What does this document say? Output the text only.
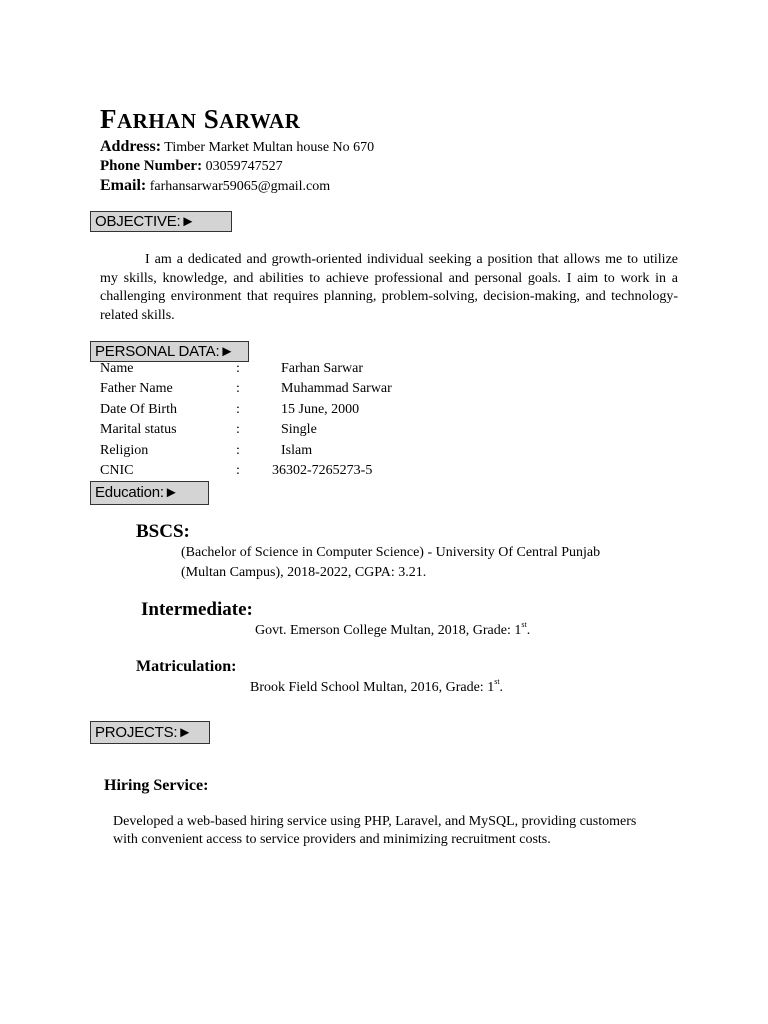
FARHAN SARWAR
Address: Timber Market Multan house No 670
Phone Number: 03059747527
Email: farhansarwar59065@gmail.com
OBJECTIVE:►
I am a dedicated and growth-oriented individual seeking a position that allows me to utilize my skills, knowledge, and abilities to achieve professional and personal goals. I aim to work in a challenging environment that requires planning, problem-solving, decision-making, and technology-related skills.
PERSONAL DATA:►
Name	:	Farhan Sarwar
Father Name	:	Muhammad Sarwar
Date Of Birth	:	15 June, 2000
Marital status	:	Single
Religion	:	Islam
CNIC	: 36302-7265273-5
Education:►
BSCS:
(Bachelor of Science in Computer Science) - University Of Central Punjab
(Multan Campus), 2018-2022, CGPA: 3.21.
Intermediate:
Govt. Emerson College Multan, 2018, Grade: 1st.
Matriculation:
Brook Field School Multan, 2016, Grade: 1st.
PROJECTS:►
Hiring Service:
Developed a web-based hiring service using PHP, Laravel, and MySQL, providing customers
with convenient access to service providers and minimizing recruitment costs.
